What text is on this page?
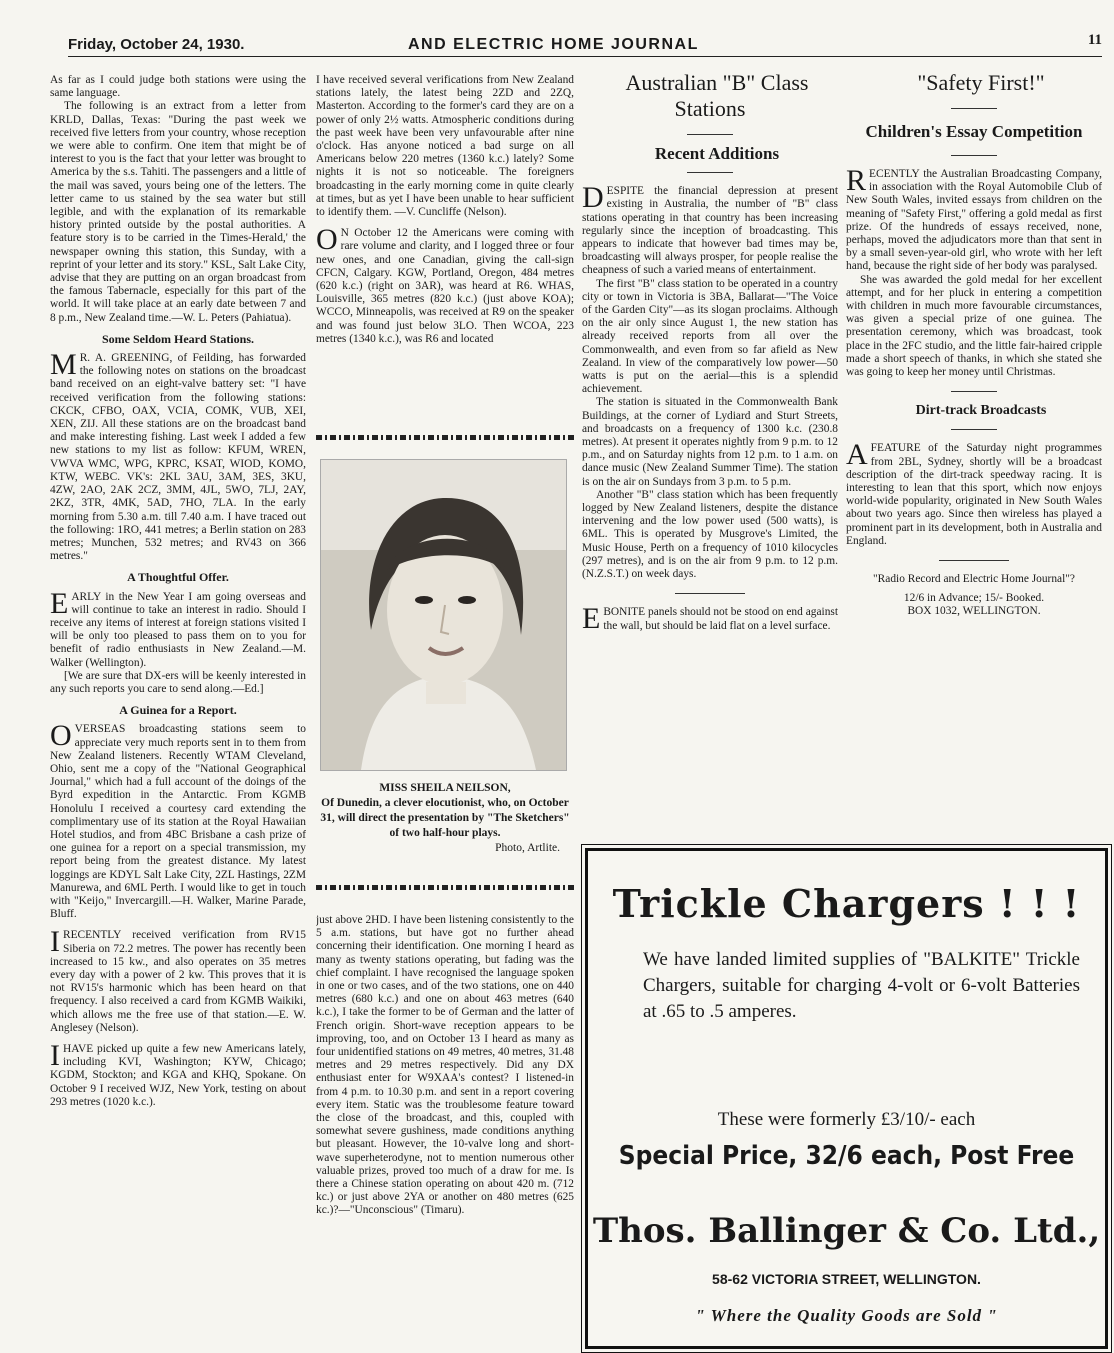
Friday, October 24, 1930.	AND ELECTRIC HOME JOURNAL	11

As far as I could judge both stations were using the same language.

The following is an extract from a letter from KRLD, Dallas, Texas: "During the past week we received five letters from your country, whose reception we were able to confirm. One item that might be of interest to you is the fact that your letter was brought to America by the s.s. Tahiti. The passengers and a little of the mail was saved, yours being one of the letters. The letter came to us stained by the sea water but still legible, and with the explanation of its remarkable history printed outside by the postal authorities. A feature story is to be carried in the Times-Herald,' the newspaper owning this station, this Sunday, with a reprint of your letter and its story." KSL, Salt Lake City, advise that they are putting on an organ broadcast from the famous Tabernacle, especially for this part of the world. It will take place at an early date between 7 and 8 p.m., New Zealand time.—W. L. Peters (Pahiatua).

Some Seldom Heard Stations.

M R. A. GREENING, of Feilding, has forwarded the following notes on stations on the broadcast band received on an eight-valve battery set: "I have received verification from the following stations: CKCK, CFBO, OAX, VCIA, COMK, VUB, XEI, XEN, ZIJ. All these stations are on the broadcast band and make interesting fishing. Last week I added a few new stations to my list as follow: KFUM, WREN, VWVA WMC, WPG, KPRC, KSAT, WIOD, KOMO, KTW, WEBC. VK's: 2KL 3AU, 3AM, 3ES, 3KU, 4ZW, 2AO, 2AK 2CZ, 3MM, 4JL, 5WO, 7LJ, 2AY, 2KZ, 3TR, 4MK, 5AD, 7HO, 7LA. In the early morning from 5.30 a.m. till 7.40 a.m. I have traced out the following: 1RO, 441 metres; a Berlin station on 283 metres; Munchen, 532 metres; and RV43 on 366 metres."

A Thoughtful Offer.

EARLY in the New Year I am going overseas and will continue to take an interest in radio. Should I receive any items of interest at foreign stations visited I will be only too pleased to pass them on to you for benefit of radio enthusiasts in New Zealand.—M. Walker (Wellington).

[We are sure that DX-ers will be keenly interested in any such reports you care to send along.—Ed.]

A Guinea for a Report.

OVERSEAS broadcasting stations seem to appreciate very much reports sent in to them from New Zealand listeners. Recently WTAM Cleveland, Ohio, sent me a copy of the "National Geographical Journal," which had a full account of the doings of the Byrd expedition in the Antarctic. From KGMB Honolulu I received a courtesy card extending the complimentary use of its station at the Royal Hawaiian Hotel studios, and from 4BC Brisbane a cash prize of one guinea for a report on a special transmission, my report being from the greatest distance. My latest loggings are KDYL Salt Lake City, 2ZL Hastings, 2ZM Manurewa, and 6ML Perth. I would like to get in touch with "Keijo," Invercargill.—H. Walker, Marine Parade, Bluff.

IRECENTLY received verification from RV15 Siberia on 72.2 metres. The power has recently been increased to 15 kw., and also operates on 35 metres every day with a power of 2 kw. This proves that it is not RV15's harmonic which has been heard on that frequency. I also received a card from KGMB Waikiki, which allows me the free use of that station.—E. W. Anglesey (Nelson).

IHAVE picked up quite a few new Americans lately, including KVI, Washington; KYW, Chicago; KGDM, Stockton; and KGA and KHQ, Spokane. On October 9 I received WJZ, New York, testing on about 293 metres (1020 k.c.).

I have received several verifications from New Zealand stations lately, the latest being 2ZD and 2ZQ, Masterton. According to the former's card they are on a power of only 2½ watts. Atmospheric conditions during the past week have been very unfavourable after nine o'clock. Has anyone noticed a bad surge on all Americans below 220 metres (1360 k.c.) lately? Some nights it is not so noticeable. The foreigners broadcasting in the early morning come in quite clearly at times, but as yet I have been unable to hear sufficient to identify them. —V. Cuncliffe (Nelson).

O N October 12 the Americans were coming with rare volume and clarity, and I logged three or four new ones, and one Canadian, giving the call-sign CFCN, Calgary. KGW, Portland, Oregon, 484 metres (620 k.c.) (right on 3AR), was heard at R6. WHAS, Louisville, 365 metres (820 k.c.) (just above KOA); WCCO, Minneapolis, was received at R9 on the speaker and was found just below 3LO. Then WCOA, 223 metres (1340 k.c.), was R6 and located

MISS SHEILA NEILSON,
Of Dunedin, a clever elocutionist, who, on October 31, will direct the presentation by "The Sketchers" of two half-hour plays.
Photo, Artlite.

just above 2HD. I have been listening consistently to the 5 a.m. stations, but have got no further ahead concerning their identification. One morning I heard as many as twenty stations operating, but fading was the chief complaint. I have recognised the language spoken in one or two cases, and of the two stations, one on 440 metres (680 k.c.) and one on about 463 metres (640 k.c.), I take the former to be of German and the latter of French origin. Short-wave reception appears to be improving, too, and on October 13 I heard as many as four unidentified stations on 49 metres, 40 metres, 31.48 metres and 29 metres respectively. Did any DX enthusiast enter for W9XAA's contest? I listened-in from 4 p.m. to 10.30 p.m. and sent in a report covering every item. Static was the troublesome feature toward the close of the broadcast, and this, coupled with somewhat severe gushiness, made conditions anything but pleasant. However, the 10-valve long and short-wave superheterodyne, not to mention numerous other valuable prizes, proved too much of a draw for me. Is there a Chinese station operating on about 420 m. (712 kc.) or just above 2YA or another on 480 metres (625 kc.)?—"Unconscious" (Timaru).

Australian "B" Class Stations

Recent Additions

DESPITE the financial depression at present existing in Australia, the number of "B" class stations operating in that country has been increasing regularly since the inception of broadcasting. This appears to indicate that however bad times may be, broadcasting will always prosper, for people realise the cheapness of such a varied means of entertainment.

The first "B" class station to be operated in a country city or town in Victoria is 3BA, Ballarat—"The Voice of the Garden City"—as its slogan proclaims. Although on the air only since August 1, the new station has already received reports from all over the Commonwealth, and even from so far afield as New Zealand. In view of the comparatively low power—50 watts is put on the aerial—this is a splendid achievement.

The station is situated in the Commonwealth Bank Buildings, at the corner of Lydiard and Sturt Streets, and broadcasts on a frequency of 1300 k.c. (230.8 metres). At present it operates nightly from 9 p.m. to 12 p.m., and on Saturday nights from 12 p.m. to 1 a.m. on dance music (New Zealand Summer Time). The station is on the air on Sundays from 3 p.m. to 5 p.m.

Another "B" class station which has been frequently logged by New Zealand listeners, despite the distance intervening and the low power used (500 watts), is 6ML. This is operated by Musgrove's Limited, the Music House, Perth on a frequency of 1010 kilocycles (297 metres), and is on the air from 9 p.m. to 12 p.m. (N.Z.S.T.) on week days.

EBONITE panels should not be stood on end against the wall, but should be laid flat on a level surface.

"Safety First!"

Children's Essay Competition

RECENTLY the Australian Broadcasting Company, in association with the Royal Automobile Club of New South Wales, invited essays from children on the meaning of "Safety First," offering a gold medal as first prize. Of the hundreds of essays received, none, perhaps, moved the adjudicators more than that sent in by a small seven-year-old girl, who wrote with her left hand, because the right side of her body was paralysed.

She was awarded the gold medal for her excellent attempt, and for her pluck in entering a competition with children in much more favourable circumstances, was given a special prize of one guinea. The presentation ceremony, which was broadcast, took place in the 2FC studio, and the little fair-haired cripple made a short speech of thanks, in which she stated she was going to keep her money until Christmas.

Dirt-track Broadcasts

AFEATURE of the Saturday night programmes from 2BL, Sydney, shortly will be a broadcast description of the dirt-track speedway racing. It is interesting to lean that this sport, which now enjoys world-wide popularity, originated in New South Wales about two years ago. Since then wireless has played a prominent part in its development, both in Australia and England.

"Radio Record and Electric Home Journal"?

12/6 in Advance; 15/- Booked.

BOX 1032, WELLINGTON.

Trickle Chargers ! ! !
We have landed limited supplies of "BALKITE" Trickle Chargers, suitable for charging 4-volt or 6-volt Batteries at .65 to .5 amperes.
These were formerly £3/10/- each
Special Price, 32/6 each, Post Free
Thos. Ballinger & Co. Ltd.,
58-62 VICTORIA STREET, WELLINGTON.
" Where the Quality Goods are Sold "
